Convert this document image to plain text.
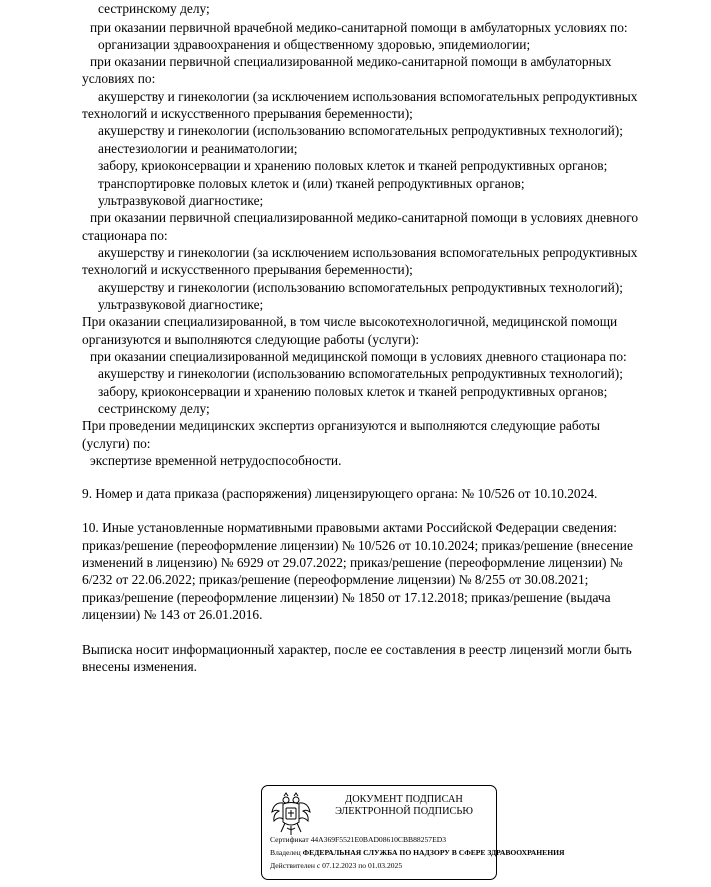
сестринскому делу;
при оказании первичной врачебной медико-санитарной помощи в амбулаторных условиях по:
организации здравоохранения и общественному здоровью, эпидемиологии;
при оказании первичной специализированной медико-санитарной помощи в амбулаторных
условиях по:
акушерству и гинекологии (за исключением использования вспомогательных репродуктивных
технологий и искусственного прерывания беременности);
акушерству и гинекологии (использованию вспомогательных репродуктивных технологий);
анестезиологии и реаниматологии;
забору, криоконсервации и хранению половых клеток и тканей репродуктивных органов;
транспортировке половых клеток и (или) тканей репродуктивных органов;
ультразвуковой диагностике;
при оказании первичной специализированной медико-санитарной помощи в условиях дневного
стационара по:
акушерству и гинекологии (за исключением использования вспомогательных репродуктивных
технологий и искусственного прерывания беременности);
акушерству и гинекологии (использованию вспомогательных репродуктивных технологий);
ультразвуковой диагностике;
При оказании специализированной, в том числе высокотехнологичной, медицинской помощи
организуются и выполняются следующие работы (услуги):
при оказании специализированной медицинской помощи в условиях дневного стационара по:
акушерству и гинекологии (использованию вспомогательных репродуктивных технологий);
забору, криоконсервации и хранению половых клеток и тканей репродуктивных органов;
сестринскому делу;
При проведении медицинских экспертиз организуются и выполняются следующие работы
(услуги) по:
экспертизе временной нетрудоспособности.
9. Номер и дата приказа (распоряжения) лицензирующего органа: № 10/526 от 10.10.2024.
10. Иные установленные нормативными правовыми актами Российской Федерации сведения:
приказ/решение (переоформление лицензии) № 10/526 от 10.10.2024; приказ/решение (внесение
изменений в лицензию) № 6929 от 29.07.2022; приказ/решение (переоформление лицензии) №
6/232 от 22.06.2022; приказ/решение (переоформление лицензии) № 8/255 от 30.08.2021;
приказ/решение (переоформление лицензии) № 1850 от 17.12.2018; приказ/решение (выдача
лицензии) № 143 от 26.01.2016.
Выписка носит информационный характер, после ее составления в реестр лицензий могли быть
внесены изменения.
ДОКУМЕНТ ПОДПИСАН
ЭЛЕКТРОННОЙ ПОДПИСЬЮ
Сертификат 44A369F5521E0BAD08610CBB88257ED3
Владелец ФЕДЕРАЛЬНАЯ СЛУЖБА ПО НАДЗОРУ В СФЕРЕ ЗДРАВООХРАНЕНИЯ
Действителен с 07.12.2023 по 01.03.2025
